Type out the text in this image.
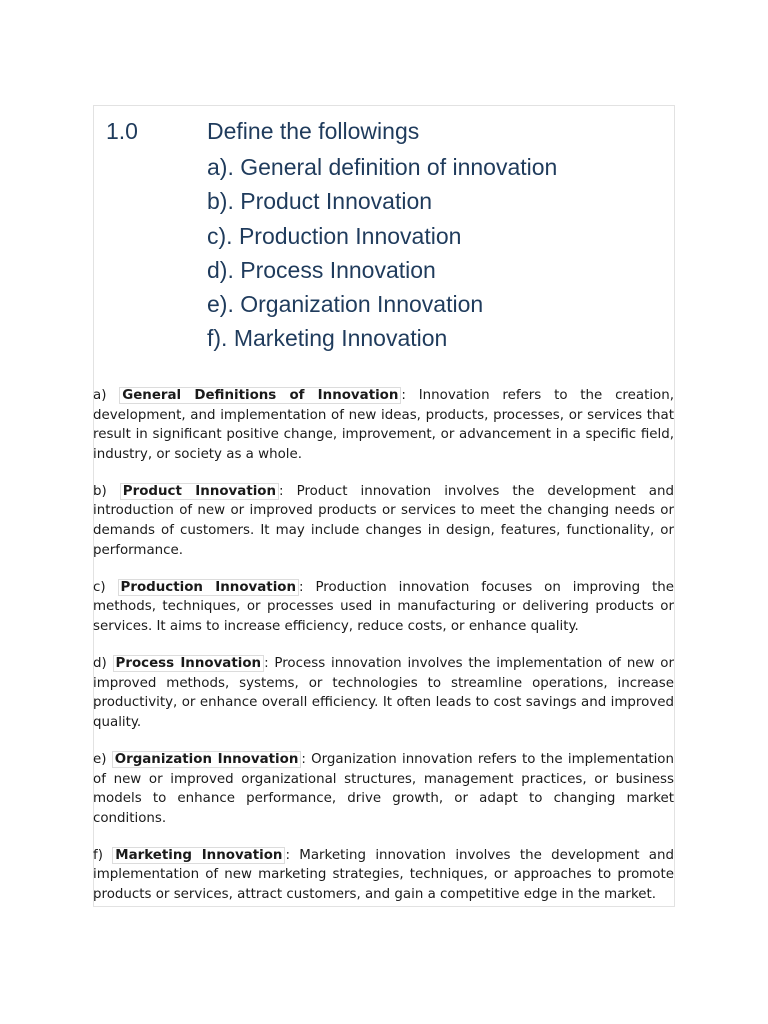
1.0	Define the followings
a). General definition of innovation
b). Product Innovation
c). Production Innovation
d). Process Innovation
e). Organization Innovation
f). Marketing Innovation

a) General Definitions of Innovation : Innovation refers to the creation, development, and implementation of new ideas, products, processes, or services that result in significant positive change, improvement, or advancement in a specific field, industry, or society as a whole.

b) Product Innovation : Product innovation involves the development and introduction of new or improved products or services to meet the changing needs or demands of customers. It may include changes in design, features, functionality, or performance.

c) Production Innovation : Production innovation focuses on improving the methods, techniques, or processes used in manufacturing or delivering products or services. It aims to increase efficiency, reduce costs, or enhance quality.

d) Process Innovation : Process innovation involves the implementation of new or improved methods, systems, or technologies to streamline operations, increase productivity, or enhance overall efficiency. It often leads to cost savings and improved quality.

e) Organization Innovation : Organization innovation refers to the implementation of new or improved organizational structures, management practices, or business models to enhance performance, drive growth, or adapt to changing market conditions.

f) Marketing Innovation : Marketing innovation involves the development and implementation of new marketing strategies, techniques, or approaches to promote products or services, attract customers, and gain a competitive edge in the market.
